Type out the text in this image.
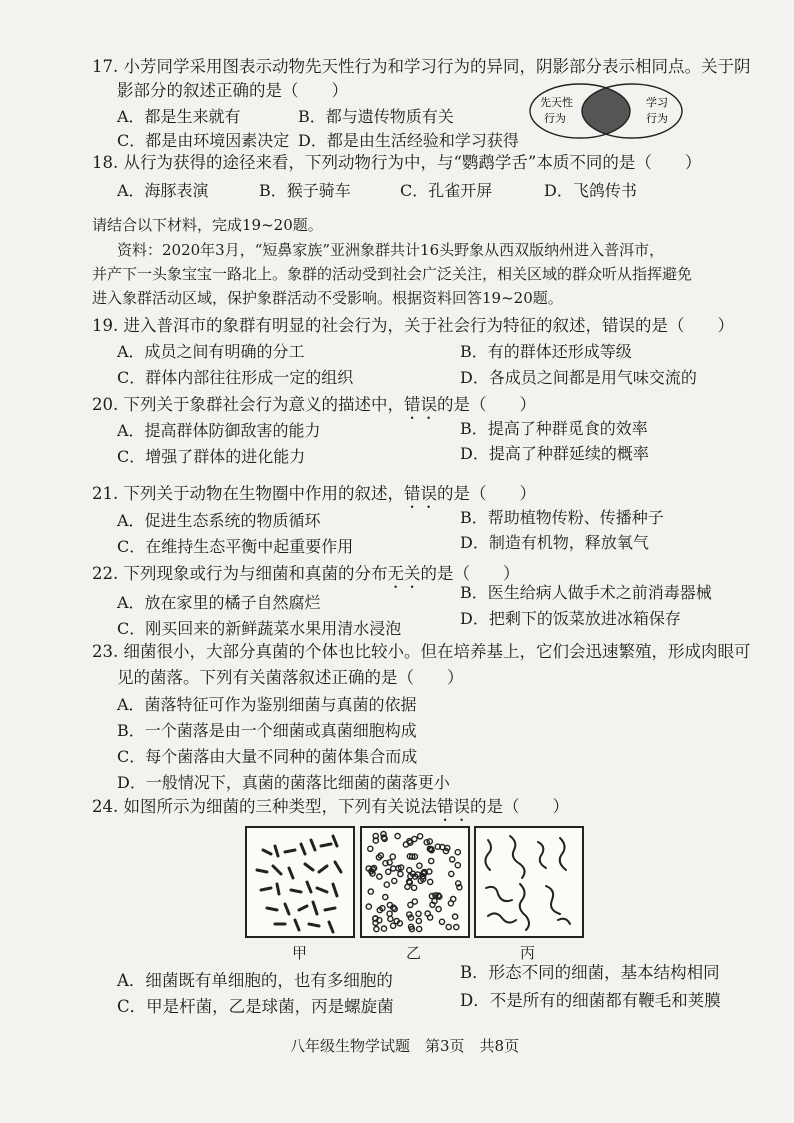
17. 小芳同学采用图表示动物先天性行为和学习行为的异同，阴影部分表示相同点。关于阴
影部分的叙述正确的是（　　）
A．都是生来就有	B．都与遗传物质有关
C．都是由环境因素决定 D．都是由生活经验和学习获得
先天性
行为
学习
行为
18. 从行为获得的途径来看，下列动物行为中，与“鹦鹉学舌”本质不同的是（　　）
A．海豚表演	B．猴子骑车	C．孔雀开屏	D．飞鸽传书
请结合以下材料，完成19~20题。
资料：2020年3月，“短鼻家族”亚洲象群共计16头野象从西双版纳州进入普洱市，
并产下一头象宝宝一路北上。象群的活动受到社会广泛关注，相关区域的群众听从指挥避免
进入象群活动区域，保护象群活动不受影响。根据资料回答19~20题。
19. 进入普洱市的象群有明显的社会行为，关于社会行为特征的叙述，错误的是（　　）
A．成员之间有明确的分工	B．有的群体还形成等级
C．群体内部往往形成一定的组织	D．各成员之间都是用气味交流的
20. 下列关于象群社会行为意义的描述中，错误的是（　　）
A．提高群体防御敌害的能力	B．提高了种群觅食的效率
C．增强了群体的进化能力	D．提高了种群延续的概率
21. 下列关于动物在生物圈中作用的叙述，错误的是（　　）
A．促进生态系统的物质循环	B．帮助植物传粉、传播种子
C．在维持生态平衡中起重要作用	D．制造有机物，释放氧气
22. 下列现象或行为与细菌和真菌的分布无关的是（　　）
A．放在家里的橘子自然腐烂
B．医生给病人做手术之前消毒器械
C．刚买回来的新鲜蔬菜水果用清水浸泡
D．把剩下的饭菜放进冰箱保存
23. 细菌很小，大部分真菌的个体也比较小。但在培养基上，它们会迅速繁殖，形成肉眼可
见的菌落。下列有关菌落叙述正确的是（　　）
A．菌落特征可作为鉴别细菌与真菌的依据
B．一个菌落是由一个细菌或真菌细胞构成
C．每个菌落由大量不同种的菌体集合而成
D．一般情况下，真菌的菌落比细菌的菌落更小
24. 如图所示为细菌的三种类型，下列有关说法错误的是（　　）
甲	乙	丙
A．细菌既有单细胞的，也有多细胞的	B．形态不同的细菌，基本结构相同
C．甲是杆菌，乙是球菌，丙是螺旋菌	D．不是所有的细菌都有鞭毛和荚膜
八年级生物学试题　第3页　共8页
